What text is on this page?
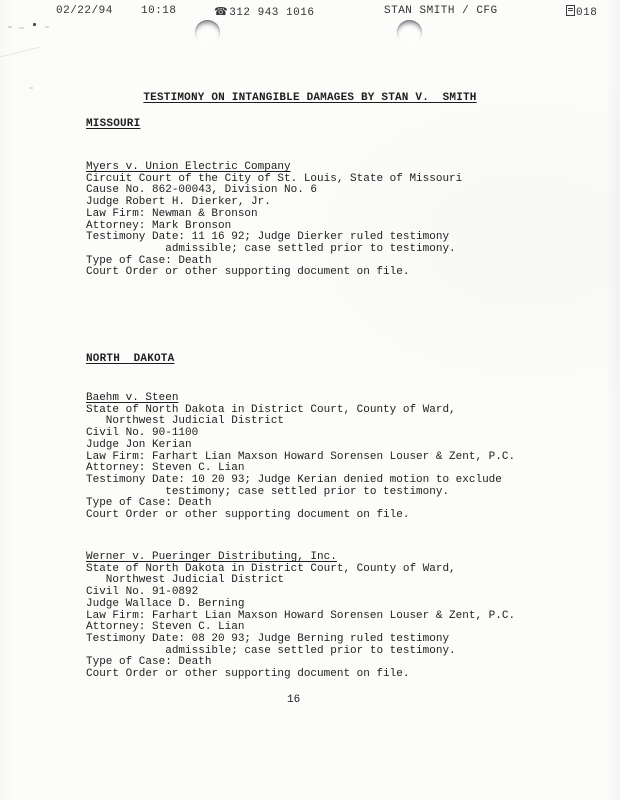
02/22/94	10:18	☎312 943 1016	STAN SMITH / CFG	018
TESTIMONY ON INTANGIBLE DAMAGES BY STAN V.  SMITH
MISSOURI
Myers v. Union Electric Company
Circuit Court of the City of St. Louis, State of Missouri
Cause No. 862-00043, Division No. 6
Judge Robert H. Dierker, Jr.
Law Firm: Newman & Bronson
Attorney: Mark Bronson
Testimony Date: 11 16 92; Judge Dierker ruled testimony
admissible; case settled prior to testimony.
Type of Case: Death
Court Order or other supporting document on file.
NORTH  DAKOTA
Baehm v. Steen
State of North Dakota in District Court, County of Ward,
Northwest Judicial District
Civil No. 90-1100
Judge Jon Kerian
Law Firm: Farhart Lian Maxson Howard Sorensen Louser & Zent, P.C.
Attorney: Steven C. Lian
Testimony Date: 10 20 93; Judge Kerian denied motion to exclude
testimony; case settled prior to testimony.
Type of Case: Death
Court Order or other supporting document on file.
Werner v. Pueringer Distributing, Inc.
State of North Dakota in District Court, County of Ward,
Northwest Judicial District
Civil No. 91-0892
Judge Wallace D. Berning
Law Firm: Farhart Lian Maxson Howard Sorensen Louser & Zent, P.C.
Attorney: Steven C. Lian
Testimony Date: 08 20 93; Judge Berning ruled testimony
admissible; case settled prior to testimony.
Type of Case: Death
Court Order or other supporting document on file.
16
